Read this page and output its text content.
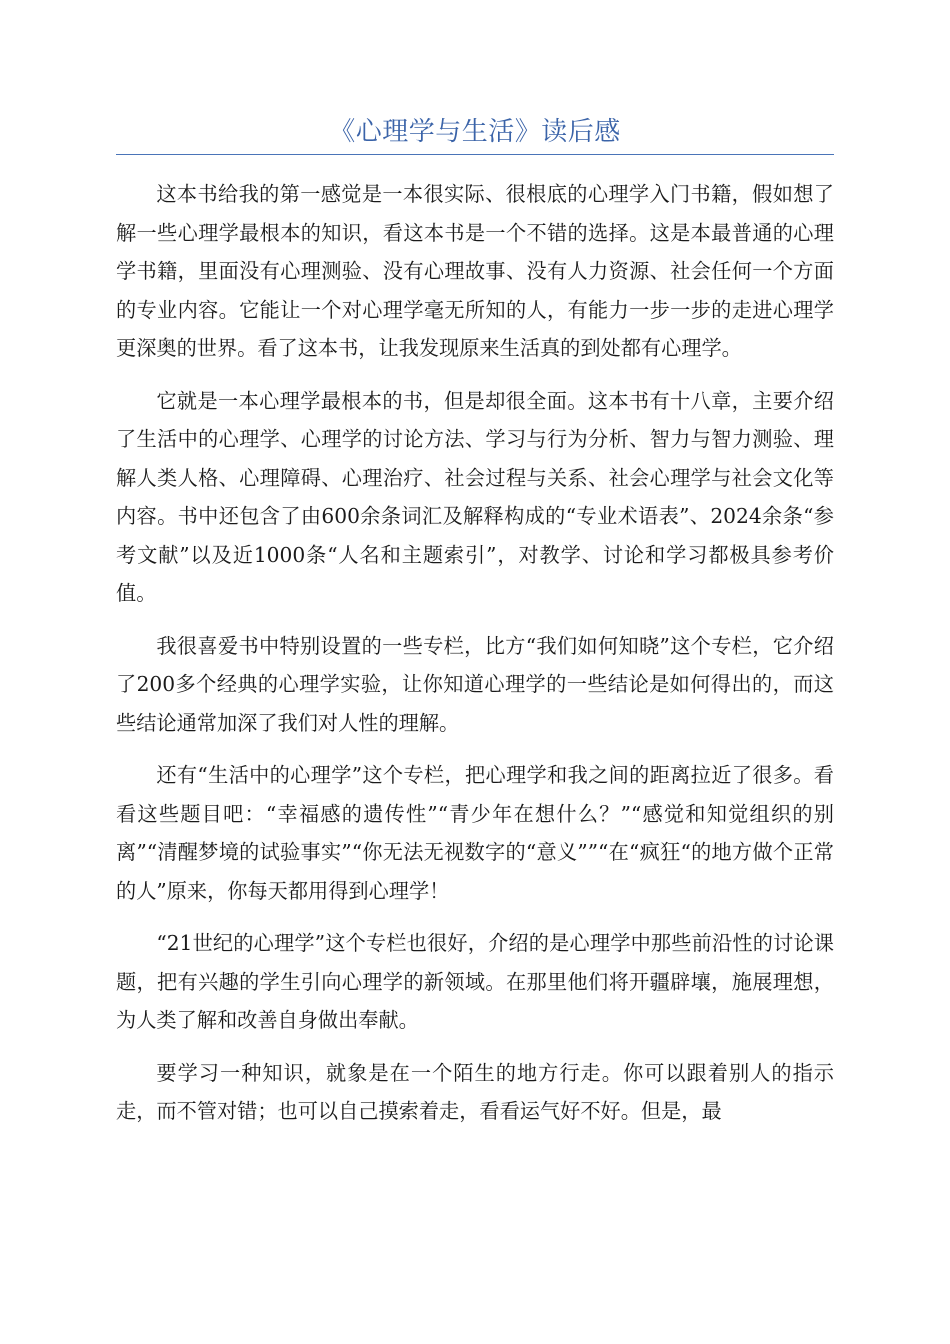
《心理学与生活》读后感

这本书给我的第一感觉是一本很实际、很根底的心理学入门书籍，假如想了解一些心理学最根本的知识，看这本书是一个不错的选择。这是本最普通的心理学书籍，里面没有心理测验、没有心理故事、没有人力资源、社会任何一个方面的专业内容。它能让一个对心理学毫无所知的人，有能力一步一步的走进心理学更深奥的世界。看了这本书，让我发现原来生活真的到处都有心理学。

它就是一本心理学最根本的书，但是却很全面。这本书有十八章，主要介绍了生活中的心理学、心理学的讨论方法、学习与行为分析、智力与智力测验、理解人类人格、心理障碍、心理治疗、社会过程与关系、社会心理学与社会文化等内容。书中还包含了由600余条词汇及解释构成的“专业术语表”、2024余条“参考文献”以及近1000条“人名和主题索引”，对教学、讨论和学习都极具参考价值。

我很喜爱书中特别设置的一些专栏，比方“我们如何知晓”这个专栏，它介绍了200多个经典的心理学实验，让你知道心理学的一些结论是如何得出的，而这些结论通常加深了我们对人性的理解。

还有“生活中的心理学”这个专栏，把心理学和我之间的距离拉近了很多。看看这些题目吧：“幸福感的遗传性”“青少年在想什么？”“感觉和知觉组织的别离”“清醒梦境的试验事实”“你无法无视数字的“意义””“在“疯狂“的地方做个正常的人”原来，你每天都用得到心理学！

“21世纪的心理学”这个专栏也很好，介绍的是心理学中那些前沿性的讨论课题，把有兴趣的学生引向心理学的新领域。在那里他们将开疆辟壤，施展理想，为人类了解和改善自身做出奉献。

要学习一种知识，就象是在一个陌生的地方行走。你可以跟着别人的指示走，而不管对错；也可以自己摸索着走，看看运气好不好。但是，最
